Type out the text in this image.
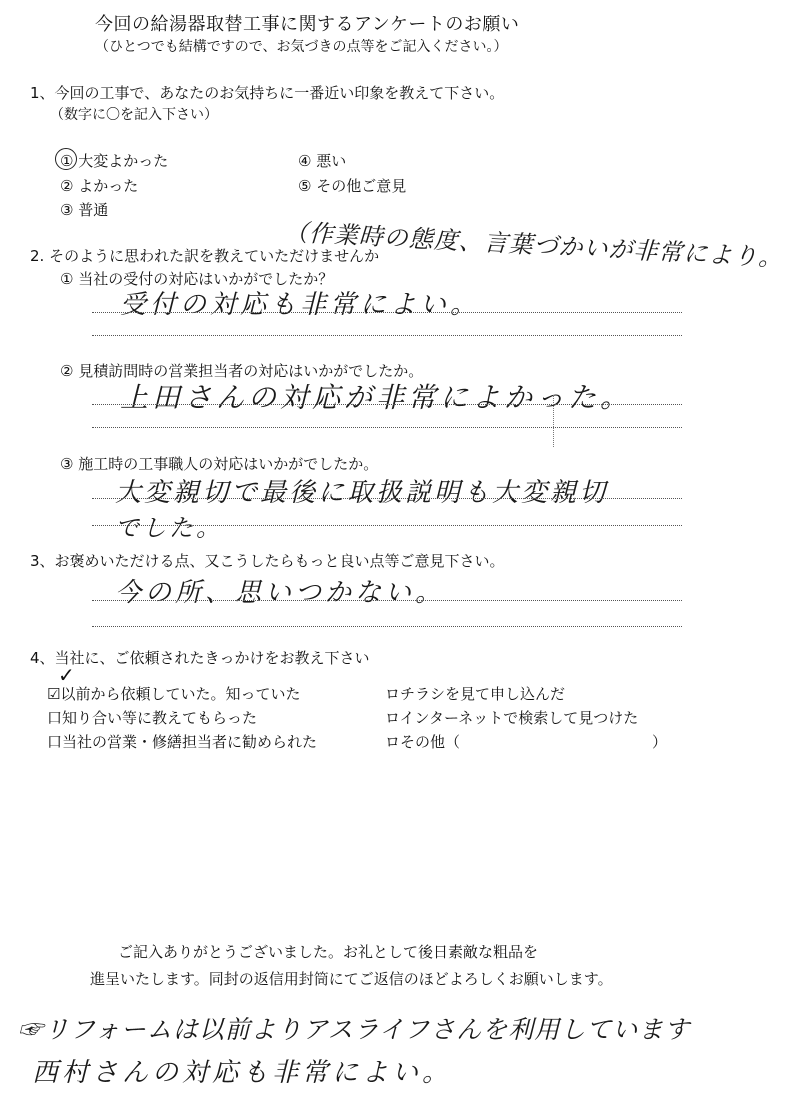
今回の給湯器取替工事に関するアンケートのお願い
（ひとつでも結構ですので、お気づきの点等をご記入ください。）
1、今回の工事で、あなたのお気持ちに一番近い印象を教えて下さい。
（数字に〇を記入下さい）
① 大変よかった
② よかった
③ 普通
④ 悪い
⑤ その他ご意見
（作業時の態度、言葉づかいが非常により。
2. そのように思われた訳を教えていただけませんか
① 当社の受付の対応はいかがでしたか？
受付の対応も非常によい。
② 見積訪問時の営業担当者の対応はいかがでしたか。
上田さんの対応が非常によかった。
③ 施工時の工事職人の対応はいかがでしたか。
大変親切で最後に取扱説明も大変親切
でした。
3、お褒めいただける点、又こうしたらもっと良い点等ご意見下さい。
今の所、思いつかない。
4、当社に、ご依頼されたきっかけをお教え下さい
✓
☑以前から依頼していた。知っていた
口知り合い等に教えてもらった
口当社の営業・修繕担当者に勧められた
ロチラシを見て申し込んだ
ロインターネットで検索して見つけた
ロその他（	）
ご記入ありがとうございました。お礼として後日素敵な粗品を
進呈いたします。同封の返信用封筒にてご返信のほどよろしくお願いします。
☞リフォームは以前よりアスライフさんを利用しています
西村さんの対応も非常によい。
